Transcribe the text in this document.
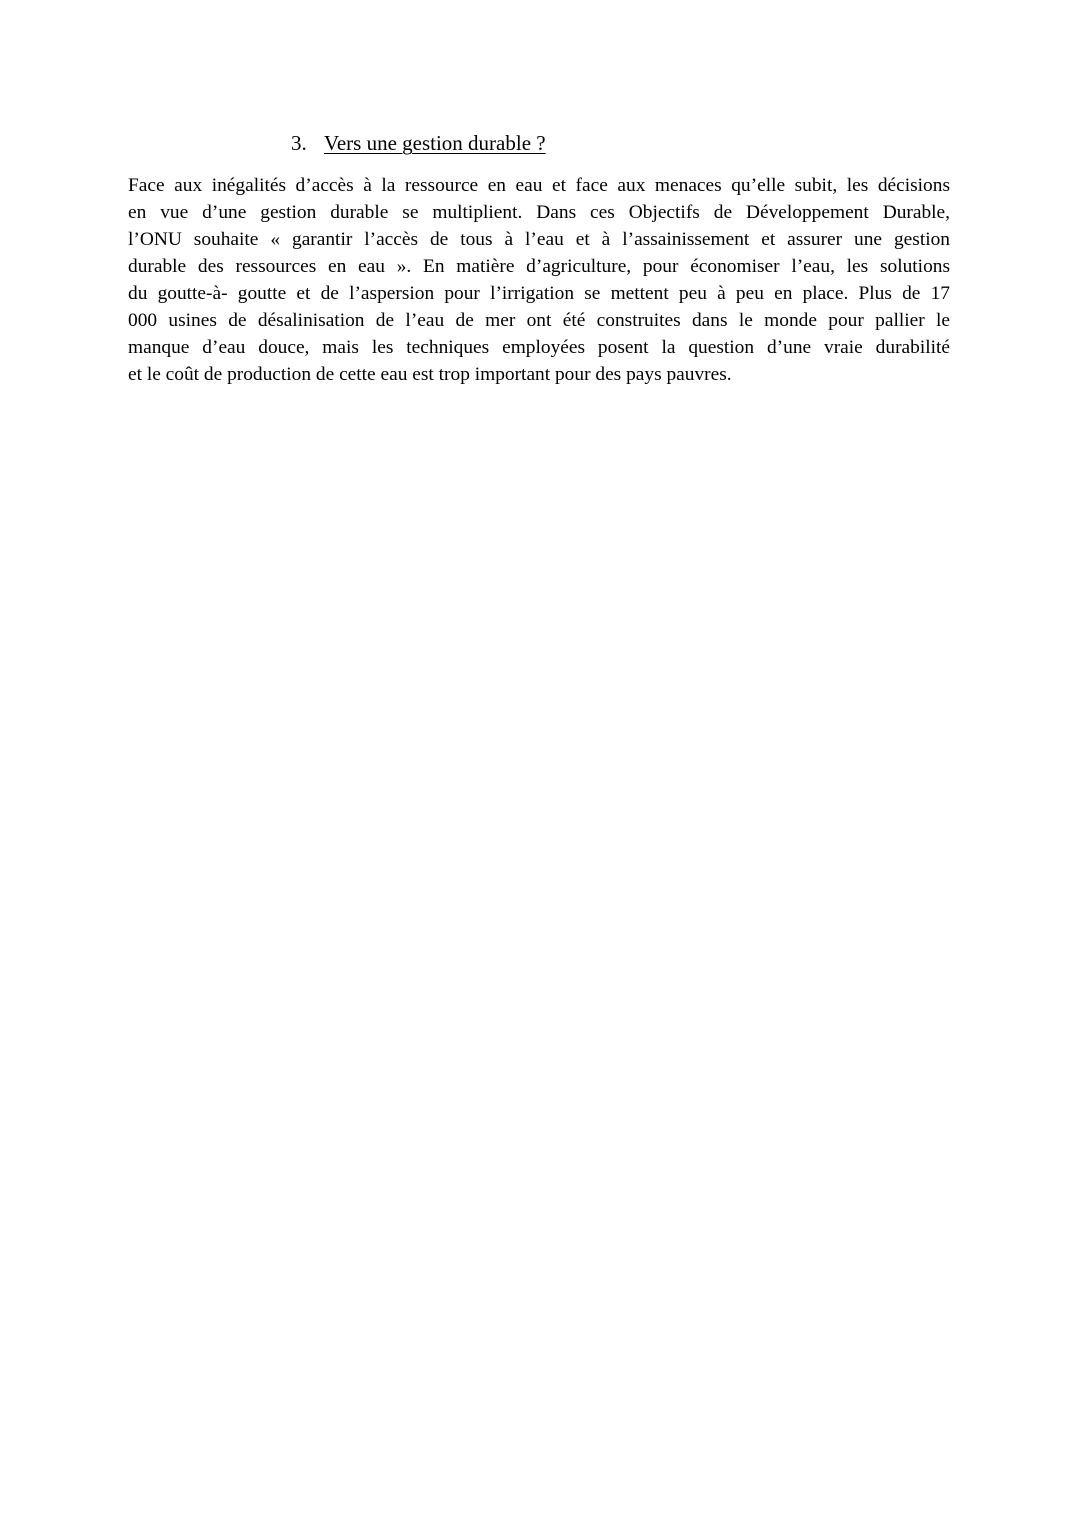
3. Vers une gestion durable ?
Face aux inégalités d’accès à la ressource en eau et face aux menaces qu’elle subit, les décisions
en vue d’une gestion durable se multiplient. Dans ces Objectifs de Développement Durable,
l’ONU souhaite « garantir l’accès de tous à l’eau et à l’assainissement et assurer une gestion
durable des ressources en eau ». En matière d’agriculture, pour économiser l’eau, les solutions
du goutte-à- goutte et de l’aspersion pour l’irrigation se mettent peu à peu en place. Plus de 17
000 usines de désalinisation de l’eau de mer ont été construites dans le monde pour pallier le
manque d’eau douce, mais les techniques employées posent la question d’une vraie durabilité
et le coût de production de cette eau est trop important pour des pays pauvres.
